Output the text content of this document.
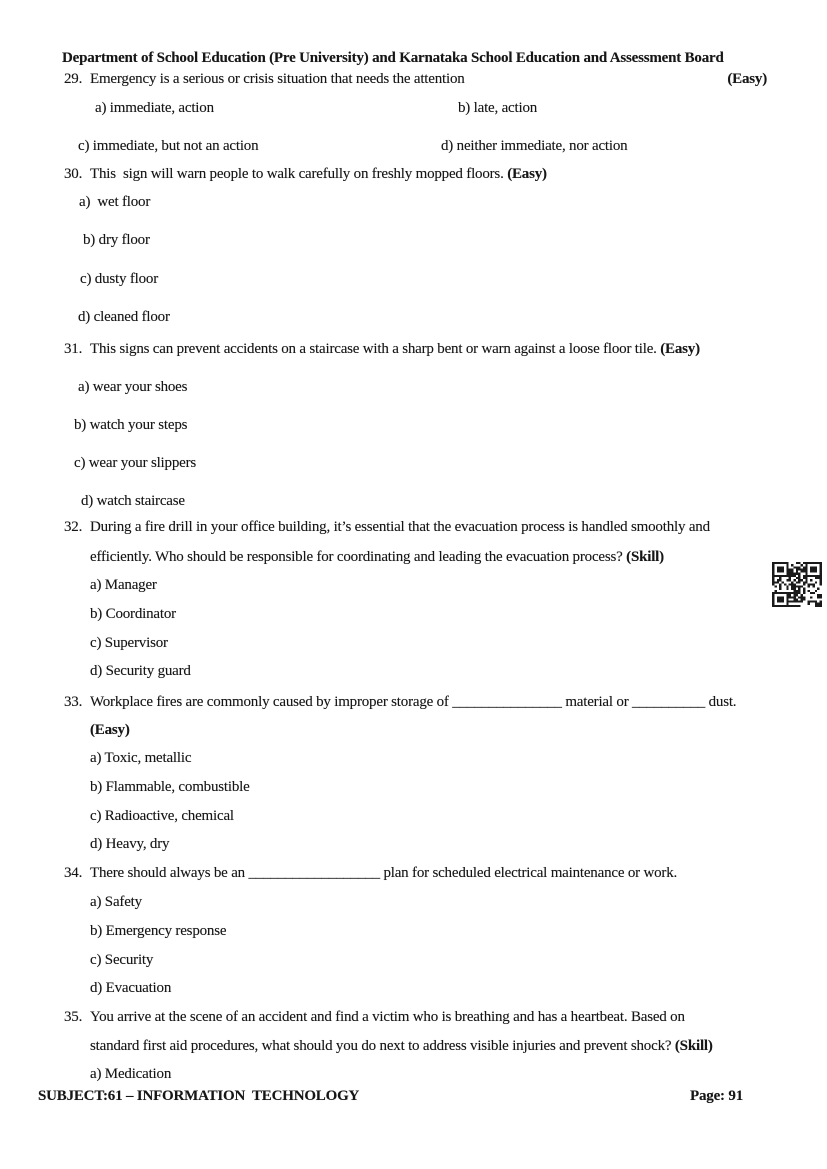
Department of School Education (Pre University) and Karnataka School Education and Assessment Board
29. Emergency is a serious or crisis situation that needs the attention	(Easy)
a) immediate, action	b) late, action
c) immediate, but not an action	d) neither immediate, nor action
30. This  sign will warn people to walk carefully on freshly mopped floors. (Easy)
a)  wet floor
b) dry floor
c) dusty floor
d) cleaned floor
31. This signs can prevent accidents on a staircase with a sharp bent or warn against a loose floor tile. (Easy)
a) wear your shoes
b) watch your steps
c) wear your slippers
d) watch staircase
32. During a fire drill in your office building, it’s essential that the evacuation process is handled smoothly and
efficiently. Who should be responsible for coordinating and leading the evacuation process? (Skill)
a) Manager
b) Coordinator
c) Supervisor
d) Security guard
33. Workplace fires are commonly caused by improper storage of _______________ material or __________ dust.
(Easy)
a) Toxic, metallic
b) Flammable, combustible
c) Radioactive, chemical
d) Heavy, dry
34. There should always be an __________________ plan for scheduled electrical maintenance or work.
a) Safety
b) Emergency response
c) Security
d) Evacuation
35. You arrive at the scene of an accident and find a victim who is breathing and has a heartbeat. Based on
standard first aid procedures, what should you do next to address visible injuries and prevent shock? (Skill)
a) Medication
SUBJECT:61 – INFORMATION  TECHNOLOGY	Page: 91
